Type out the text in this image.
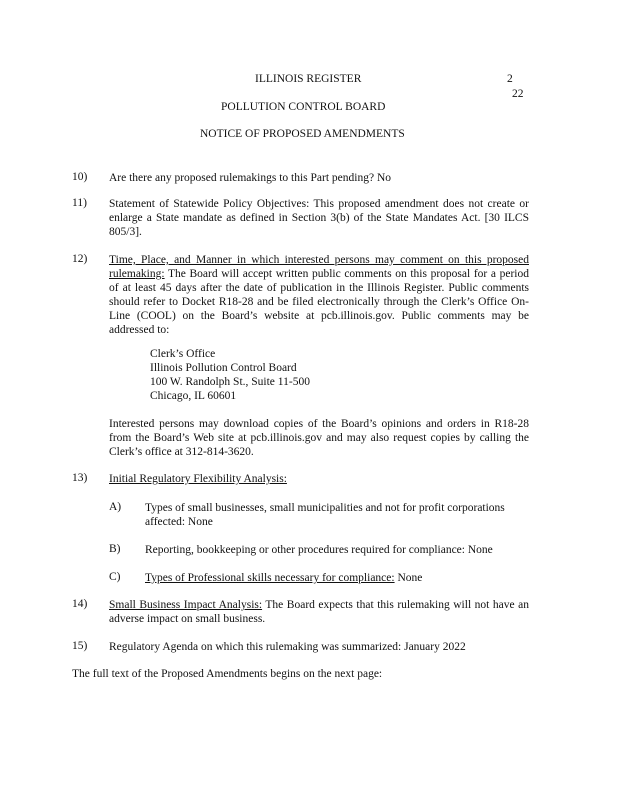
ILLINOIS REGISTER	2
22
POLLUTION CONTROL BOARD
NOTICE OF PROPOSED AMENDMENTS
10)	Are there any proposed rulemakings to this Part pending? No
11)	Statement of Statewide Policy Objectives: This proposed amendment does not create or enlarge a State mandate as defined in Section 3(b) of the State Mandates Act. [30 ILCS 805/3].
12)	Time, Place, and Manner in which interested persons may comment on this proposed rulemaking: The Board will accept written public comments on this proposal for a period of at least 45 days after the date of publication in the Illinois Register. Public comments should refer to Docket R18-28 and be filed electronically through the Clerk’s Office On-Line (COOL) on the Board’s website at pcb.illinois.gov. Public comments may be addressed to:
Clerk’s Office
Illinois Pollution Control Board
100 W. Randolph St., Suite 11-500
Chicago, IL 60601
Interested persons may download copies of the Board’s opinions and orders in R18-28 from the Board’s Web site at pcb.illinois.gov and may also request copies by calling the Clerk’s office at 312-814-3620.
13)	Initial Regulatory Flexibility Analysis:
A) Types of small businesses, small municipalities and not for profit corporations affected: None
B) Reporting, bookkeeping or other procedures required for compliance: None
C) Types of Professional skills necessary for compliance: None
14)	Small Business Impact Analysis: The Board expects that this rulemaking will not have an adverse impact on small business.
15)	Regulatory Agenda on which this rulemaking was summarized: January 2022
The full text of the Proposed Amendments begins on the next page:
